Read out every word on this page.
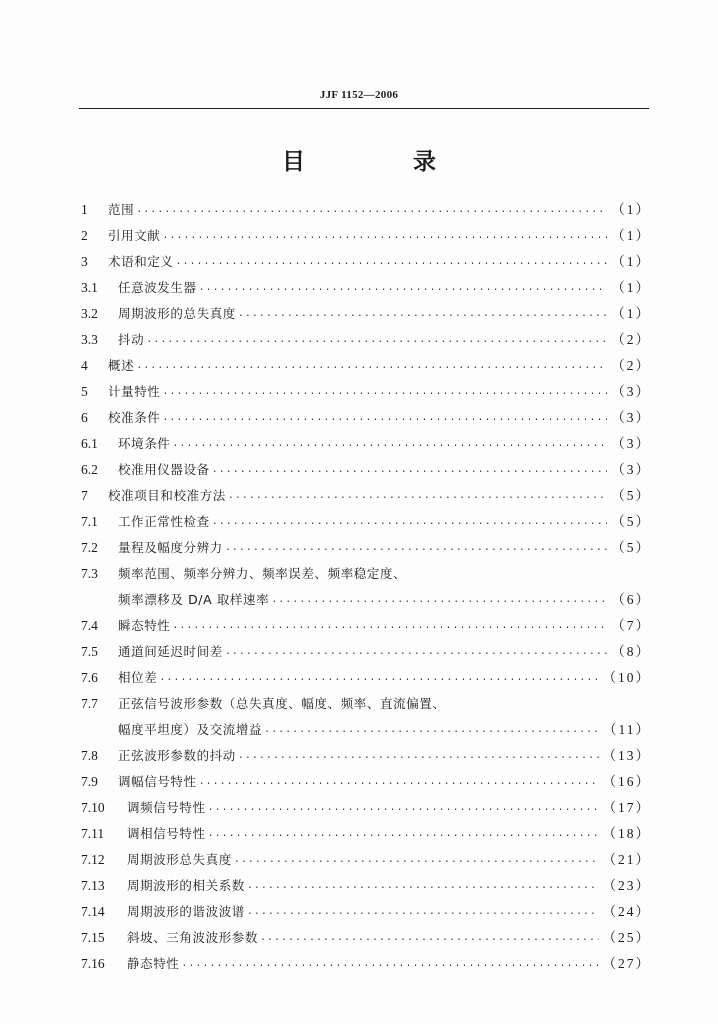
JJF 1152—2006
目 录
1	范围 ·····	（1）
2	引用文献 ·····	（1）
3	术语和定义 ·····	（1）
3.1	任意波发生器 ·····	（1）
3.2	周期波形的总失真度 ·····	（1）
3.3	抖动 ·····	（2）
4	概述 ·····	（2）
5	计量特性 ·····	（3）
6	校准条件 ·····	（3）
6.1	环境条件 ·····	（3）
6.2	校准用仪器设备 ·····	（3）
7	校准项目和校准方法 ·····	（5）
7.1	工作正常性检查 ·····	（5）
7.2	量程及幅度分辨力 ·····	（5）
7.3	频率范围、频率分辨力、频率误差、频率稳定度、
频率漂移及 D/A 取样速率 ·····	（6）
7.4	瞬态特性 ·····	（7）
7.5	通道间延迟时间差 ·····	（8）
7.6	相位差 ·····	（10）
7.7	正弦信号波形参数（总失真度、幅度、频率、直流偏置、
幅度平坦度）及交流增益 ·····	（11）
7.8	正弦波形参数的抖动 ·····	（13）
7.9	调幅信号特性 ·····	（16）
7.10	调频信号特性 ·····	（17）
7.11	调相信号特性 ·····	（18）
7.12	周期波形总失真度 ·····	（21）
7.13	周期波形的相关系数 ·····	（23）
7.14	周期波形的谐波波谱 ·····	（24）
7.15	斜坡、三角波波形参数 ·····	（25）
7.16	静态特性 ·····	（27）
